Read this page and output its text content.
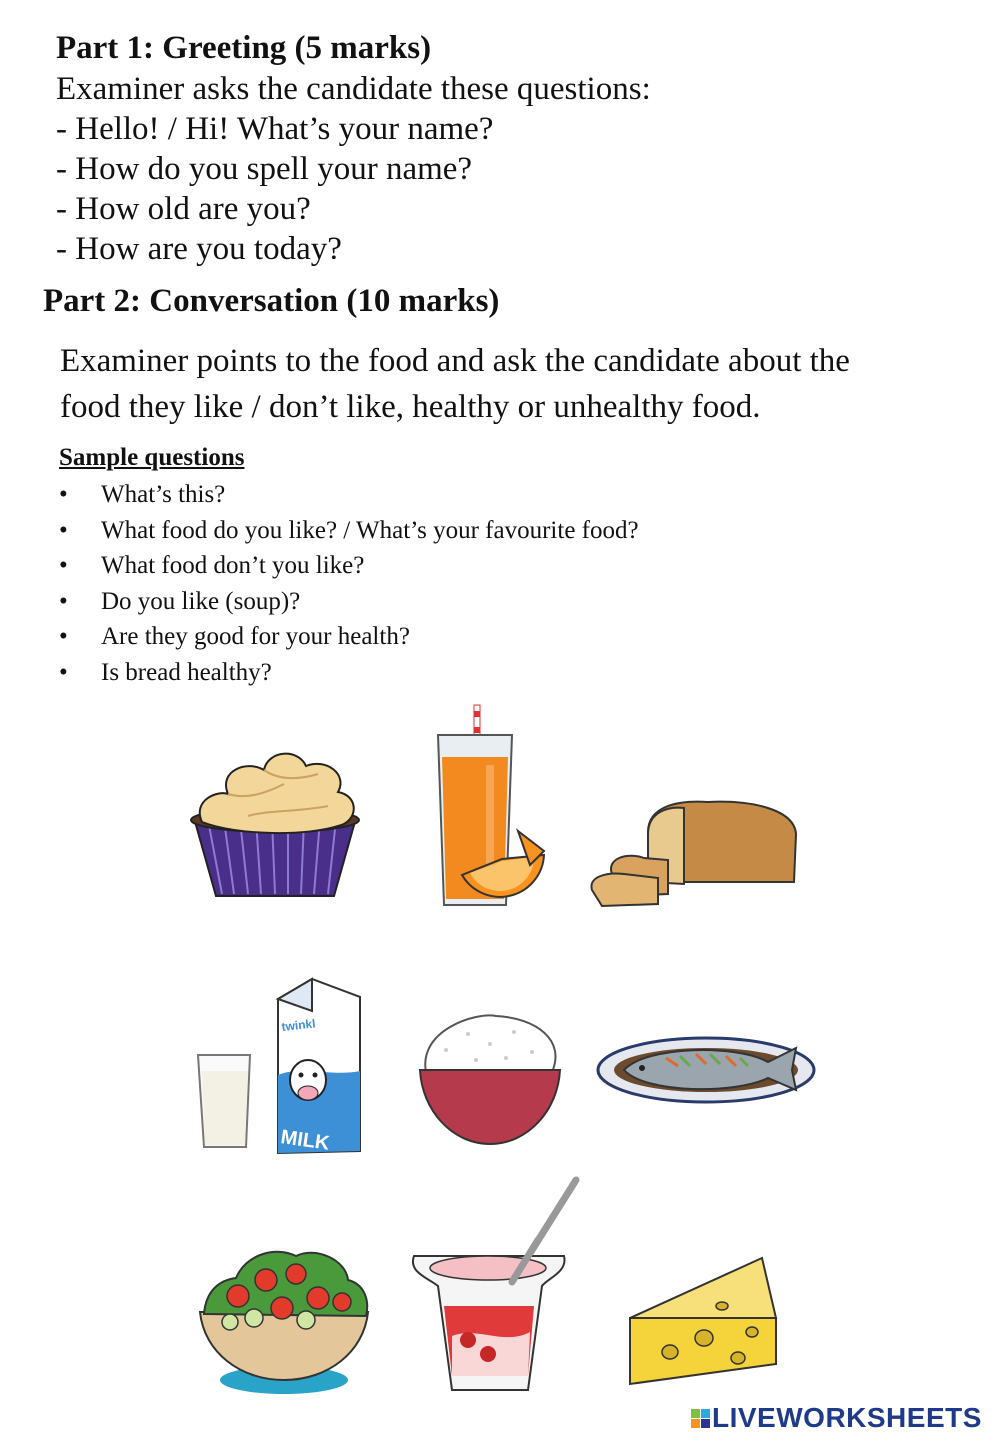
Part 1: Greeting (5 marks)
Examiner asks the candidate these questions:
- Hello! / Hi! What’s your name?
- How do you spell your name?
- How old are you?
- How are you today?
Part 2: Conversation (10 marks)
Examiner points to the food and ask the candidate about the
food they like / don’t like, healthy or unhealthy food.
Sample questions
• What’s this?
• What food do you like? / What’s your favourite food?
• What food don’t you like?
• Do you like (soup)?
• Are they good for your health?
• Is bread healthy?
twinkl
MILK
LIVEWORKSHEETS
